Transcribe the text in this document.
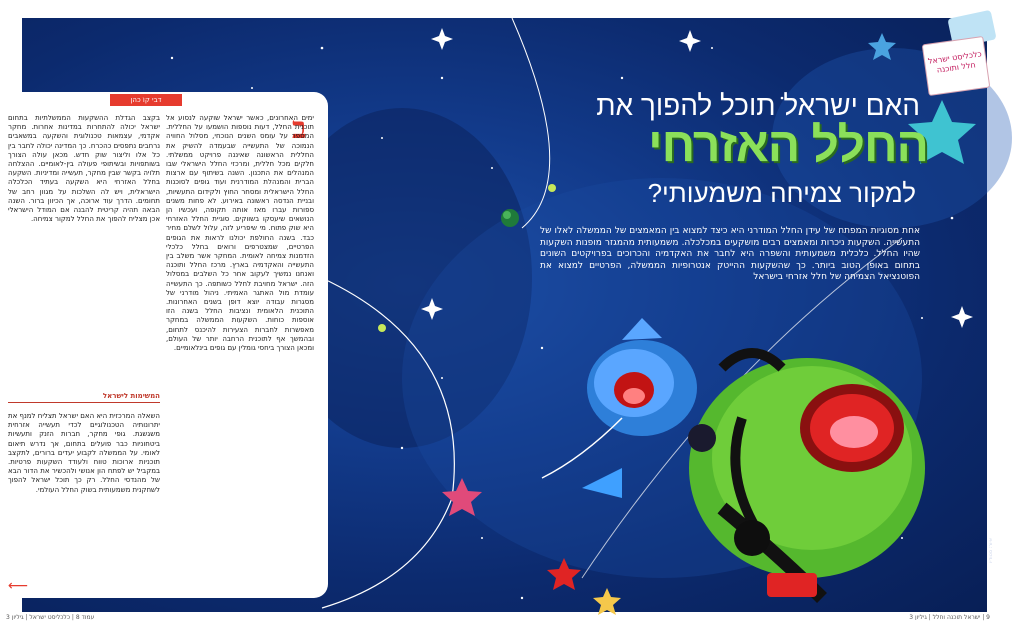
איור: סטודיו
כלכליסט ישראל חלל ותוכנה
האם ישראל תוכל להפוך את
החלל האזרחי
למקור צמיחה משמעותי?
אחת מסוגיות המפתח של עידן החלל המודרני היא כיצד למצוא בין המאמצים של הממשלה לאלו של התעשייה. השקעות ניכרות ומאמצים רבים מושקעים במכלכלה. משמעותית מהמגזר מופנות השקעות שהיו החלל. כלכלית משמעותית והשפרה היא לחבר את האקדמיה והכרוכים בפרויקטים השונים בתחום באופן הטוב ביותר. כך שהשקעות ההייטק אנטרופיות הממשלה, הפרטיים למצוא את הפוטנציאל הצמיחה של חלל אזרחי בישראל
דבי קוֹ כהן
ב
ימים האחרונים, כאשר ישראל שוקעה לנסוע אל תוכנית החלל, דעות נוספות הושמעו על החללית. המספר על עומס השנים הנוכחי, מסלול החוויה הנמוכה של התעשייה שבעמדה להשיק את החללית הראשונה שאיננה פרויקט ממשלתי. חלקים מכל חללית, ומרכזי החלל הישראלי שבו המנהלים את התכנון. השנה בשיתוף עם ארצות הברית והמנהלת המודרנית ועוד גופים לסוכנות החלל הישראלית ומסחר החוץ ולקידום התעשיות, ובניית הנדסה ראשונה באירוע. לא פחות משנים ספורות עברו מאז אותה תקופה, ועכשיו הן הנושאים שיעסקו בשווקים. סוגיית החלל האזרחי היא שוק פתוח. מי שיפריע לזה, עלול לשלם מחיר כבד. בשנה החולפת יכולנו לראות את הגופים הפרטיים, שמצטרפים ורואים בחלל כלכלי הזדמנות צמיחה לאומית. המחקר אשר משלב בין התעשייה והאקדמיה בארץ. מרכז החלל ותוכנה ואנחנו נמשיך לעקוב אחר כל השלבים במסלול הזה. ישראל מחויבת לחלל כשותפה. כך התעשייה עומדת מול האתגר האמיתי. ניהול מודרני של מסגרות עבודה יוצא דופן בשנים האחרונות. התוכנית הלאומית ונציבות החלל בשנה הזו אוספות כוחות. השקעות הממשלה במחקר מאפשרות לחברות הצעירות להיכנס לתחום, ובהמשך אף לתוכנית הרחבה יותר של העולם, ומכאן הצורך ביחסי גומלין עם גופים בינלאומיים.
בקצב הגדלת ההשקעות הממשלתיות בתחום ישראל יכולה להתחרות במדינות אחרות. מחקר אקדמי, עצמאות טכנולוגית והשקעה במשאבים נרחבים נתפסים כהכרח. כך המדינה יכולה לחבר בין כל אלו וליצור שוק חדש. מכאן עולה הצורך בשותפויות ובשיתופי פעולה בין-לאומיים. ההצלחה תלויה בקשר שבין מחקר, תעשייה ומדיניות. השקעה בחלל האזרחי היא השקעה בעתיד הכלכלה הישראלית, ויש לה השלכות על מגוון רחב של תחומים. הדרך עוד ארוכה, אך הכיוון ברור. השנה הבאה תהיה קריטית להבנה אם המודל הישראלי אכן מצליח להפוך את החלל למקור צמיחה.
המשימות לישראל
השאלה המרכזית היא האם ישראל תצליח למנף את יתרונותיה הטכנולוגיים לכדי תעשייה אזרחית משגשגת. גופי מחקר, חברות הזנק ותעשיות ביטחוניות כבר פועלים בתחום, אך נדרש תיאום לאומי. על הממשלה לקבוע יעדים ברורים, לתקצב תוכניות ארוכות טווח ולעודד השקעות פרטיות. במקביל יש לפתח הון אנושי ולהכשיר את הדור הבא של מהנדסי החלל. רק כך תוכל ישראל להפוך לשחקנית משמעותית בשוק החלל העולמי.
⟵
עמוד 8 | כלכליסט ישראל | גיליון 3	9 | ישראל תוכנה וחלל | גיליון 3
